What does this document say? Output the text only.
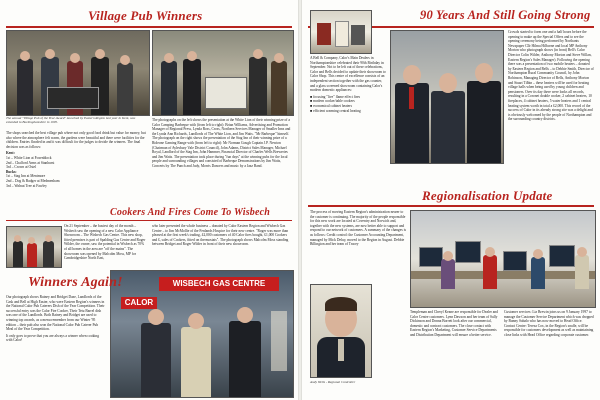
Village Pub Winners
The annual "Village Pub of the Year Award" launched by Eastern Region last year in Kent, was extended to Buckinghamshire in 1995.

The shops searched the best village pub where not only good food drink but value for money, but also where the atmosphere felt warm, the gardens were beautiful and there were facilities for the children. Entries flooded in and it was difficult for the judges to decide the winners. The final decision was as follows:

Kent:
1st – White Lion at Foxenblock
2nd – Chalford Arms at Stanhurst
3rd – Crown at Ostel
Bucks:
1st – Stag Inn at Mentmore
2nd – Dog & Badger at Medmenham
3rd – Walnut Tree at Fawley

The photographs on the left shows the presentation at the White Lion of their winning prize of a Calor Camping Barbeque with (from left to right): Brian Williams, Advertising and Promotion Manager of Regional Press, Lynda Ross, Cross, Northern Services Manager of Smaller Inns and the Lynda Ann Richards, Landlords of The White Lion, and Jim Watts. "Mr Barbeque" himself. The photograph on the right shows the presentation of the Stag Inn of their winning prize of a Rideone Gaming Range with (from left to right): Mr Norman Gough Captain J.P. Newton (Chairman of Aylesbury Vale District Council), John Adams, District Sales Manager, Michael Royal, Landlord of the Stag Inn, John Hammer, Financial Director of Charles Wells Breweries and Jim Watts. The presentation took place during "fun days" at the winning pubs for the local people and surrounding villages and consisted of Barbeque Demonstrations by Jim Watts, Concerts by The Punch and Judy, Morris Dancers and music by a Jazz Band.

Cookers And Fires Come To Wisbech

On 21 September – the busiest day of the month – Wisbech saw the opening of a new Calor Appliance Showroom – The Wisbech Gas Centre. This new shop, fitted premises is part of Spalding Gas Centre and Roger Wilder, the owner, saw the potential in Wisbech as 70% of all homes in the area are "off the mains". The showroom was opened by Malcolm Moss, MP for Cambridgeshire North East,

who later presented the whole business – donated by Calor Eastern Region and Wisbech Gas Centre – to Jim McMollie of the Fenlands Hospice for their new centre. "Roger was more than pleased at the first week's trading, 42,000 customers of 40 Calor fires bought, £1,000 Cookers and £, sales of Cookers, fitted on thermostats". The photograph shows Malcolm Moss standing between Bridget and Roger Wilder in front of their new showroom.

WISBECH GAS CENTRE
CALOR
Winners Again!

Our photograph shows Rainey and Bridget Daze, Landlords of the Cask and Bell at High Easter, who were Eastern Region's winners in the National Calor Pub Caterers Dish of the Year Competition. Their successful entry was the Calor Fire Cooker, Their Tetu Barrel dish was one of the Landlords. Both Rainey and Bridget are used to winning top awards, as a menu remember from our Winter '95 edition – their pub also won the National Calor Pub Caterer Pub Meal of the Year Competition.

It only goes to prove that you are always a winner when cooking with Calor!

90 Years And Still Going Strong

A Bell & Company, Calor's Main Dealers in Northamptonshire celebrated their 90th Birthday in September. Not to be left out of these celebrations, Calor and Bells decided to update their showroom to Calor Shop. This centre of excellence consists of an independent section together with the gas counter, and a glass screened showroom containing Calor's modern domestic appliances:

■ focusing "live" flame effect fires
■ modern cooker/table cookers
■ economical cabinet heaters
■ efficient warming central heating

Crowds started to form one and a half hours before the opening to make up the Special Offers and to see the opening ceremony being performed by Northants Newspaper Cllr Hilma Hilborne and local MP Anthony Morton who photograph shows (in front) Bell's Calor Director Colin Wilder, Anthony Morton and Steve Willan, Eastern Region's Sales Manager). Following the opening there was a presentation of two mobile heaters – donated by Eastern Region and Bells – to Debbie Smith, Director of Northampton Rural Community Council, by John Robinson, Managing Director of Bells, Anthony Morton and Stuart Tilbin – these heaters will be used for heating village halls when being used by young children and pensioners. Over its day there were looks all records, resulting in a Coronet double cooker, 2 cabinet heaters, 10 fireplaces, 4 cabinet heaters, 5 water heaters and 1 central heating system worth in total a £2,000. This record of the success of Calor in its already strong site was a delight and is obviously welcomed by the people of Northampton and the surrounding country districts.

Regionalisation Update

The process of moving Eastern Region's administration nearer to the customer is continuing. The majority of the people responsible for this new work are located at Coventry and Norwich and, together with the new systems, are now better able to support and respond to our network of customers. A summary of the changes is as follows: Credit control: the Customer Accounting Department, managed by Mick Deluy, moved to the Region in August. Debbie Billington and her team of Tracey

Andy Wells - Regional Controller

Templeman and Cheryl Keane are responsible for Dealer and Calor Centre customers. Lynn Dawson and her team of Sally Dickinson and Donna Borrett look after our commercial, domestic and contract customers. The close contact with Eastern Region's Marketing, Customer Service Departments and Distribution Department will ensure a better service.

Customer services: Liz Brewin joins us on 9 January 1997 to manage the Customer Service Department which was dropped by Bunny Sabalo who has now moved to Head Office. Contact Centre: Teresa Cox, in the Region's snafle, will be responsible for customers development as well as maintaining close links with Head Office regarding corporate customer.
